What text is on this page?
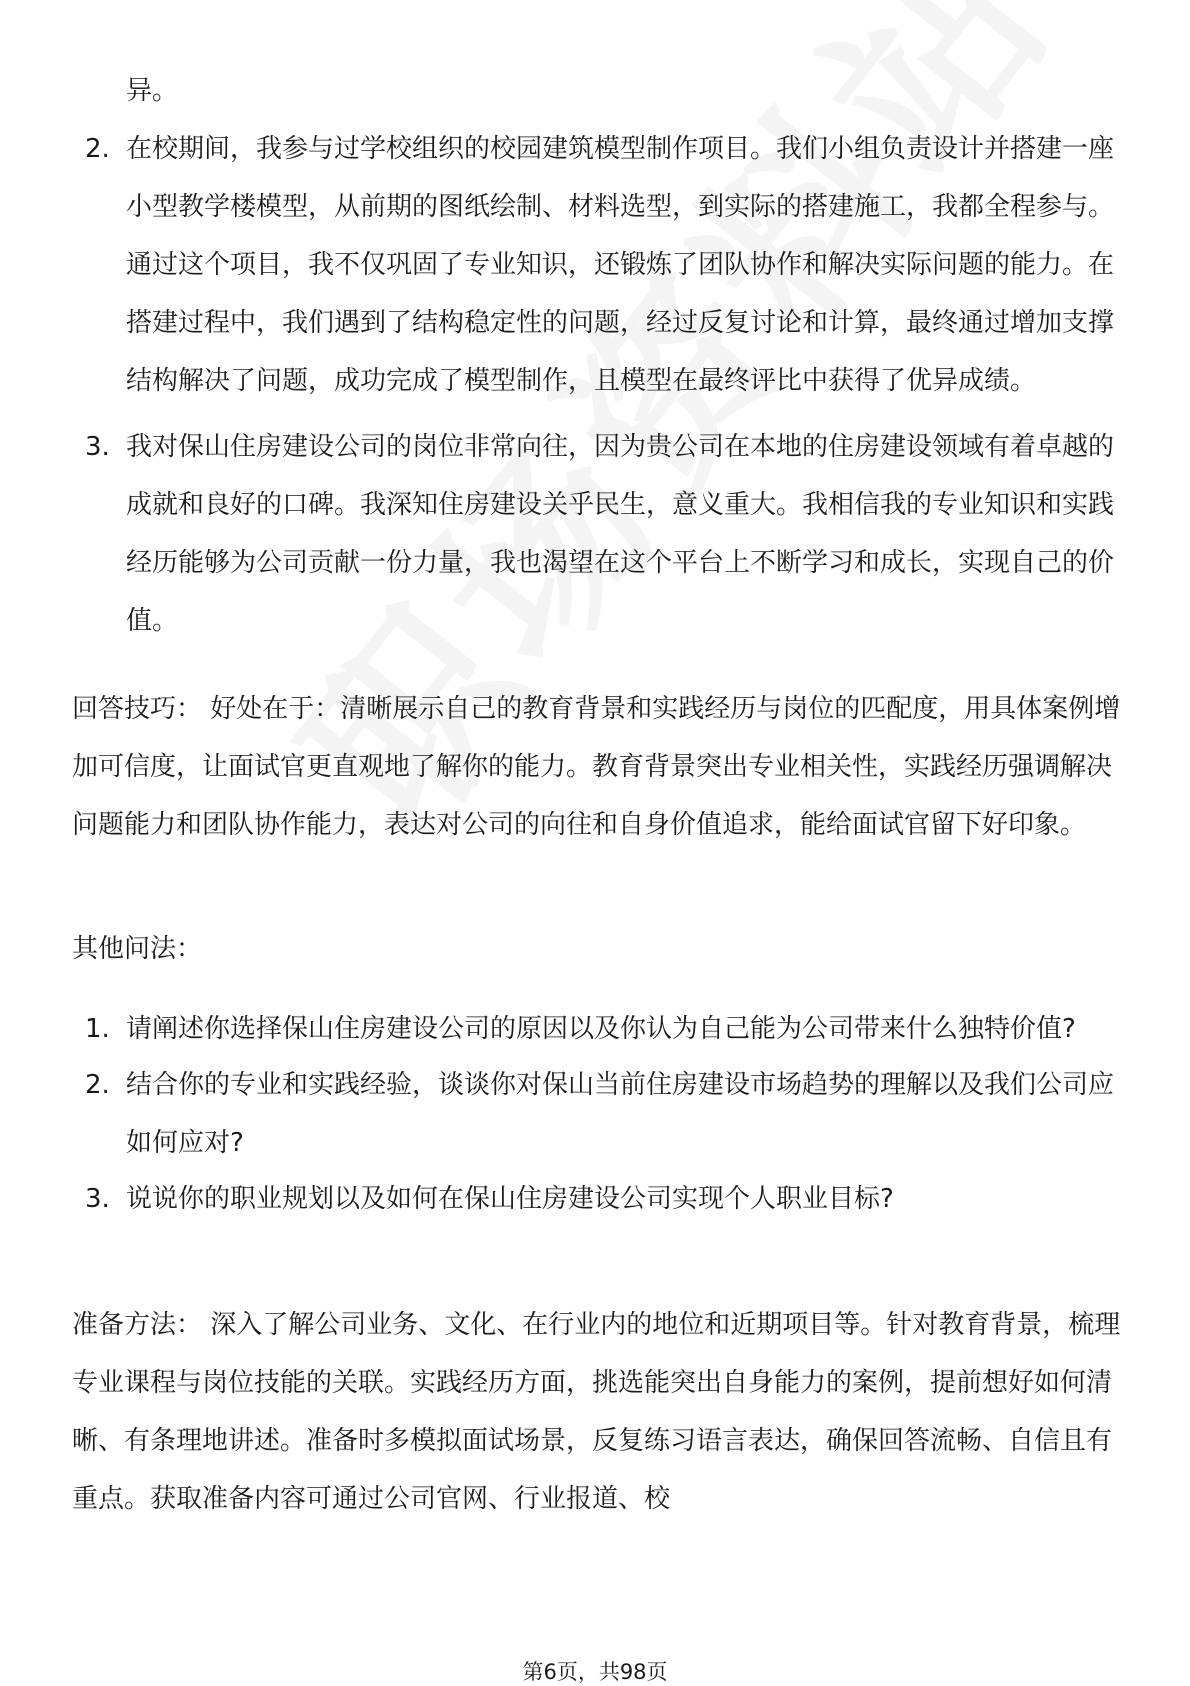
异。
2. 在校期间，我参与过学校组织的校园建筑模型制作项目。我们小组负责设计并搭建一座小型教学楼模型，从前期的图纸绘制、材料选型，到实际的搭建施工，我都全程参与。通过这个项目，我不仅巩固了专业知识，还锻炼了团队协作和解决实际问题的能力。在搭建过程中，我们遇到了结构稳定性的问题，经过反复讨论和计算，最终通过增加支撑结构解决了问题，成功完成了模型制作，且模型在最终评比中获得了优异成绩。
3. 我对保山住房建设公司的岗位非常向往，因为贵公司在本地的住房建设领域有着卓越的成就和良好的口碑。我深知住房建设关乎民生，意义重大。我相信我的专业知识和实践经历能够为公司贡献一份力量，我也渴望在这个平台上不断学习和成长，实现自己的价值。
回答技巧： 好处在于：清晰展示自己的教育背景和实践经历与岗位的匹配度，用具体案例增加可信度，让面试官更直观地了解你的能力。教育背景突出专业相关性，实践经历强调解决问题能力和团队协作能力，表达对公司的向往和自身价值追求，能给面试官留下好印象。
其他问法：
1. 请阐述你选择保山住房建设公司的原因以及你认为自己能为公司带来什么独特价值?
2. 结合你的专业和实践经验，谈谈你对保山当前住房建设市场趋势的理解以及我们公司应如何应对?
3. 说说你的职业规划以及如何在保山住房建设公司实现个人职业目标?
准备方法： 深入了解公司业务、文化、在行业内的地位和近期项目等。针对教育背景，梳理专业课程与岗位技能的关联。实践经历方面，挑选能突出自身能力的案例，提前想好如何清晰、有条理地讲述。准备时多模拟面试场景，反复练习语言表达，确保回答流畅、自信且有重点。获取准备内容可通过公司官网、行业报道、校
第6页，共98页
